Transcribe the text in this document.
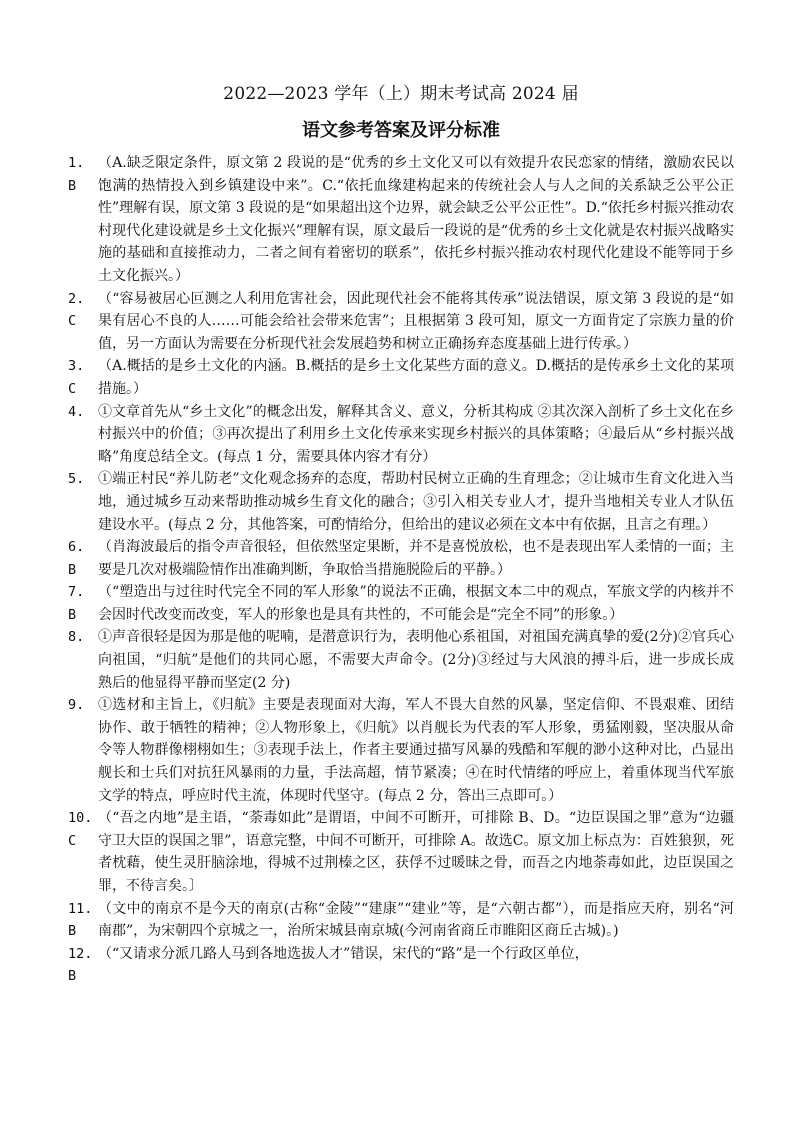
2022—2023 学年（上）期末考试高 2024 届
语文参考答案及评分标准
1. B
（A.缺乏限定条件，原文第 2 段说的是“优秀的乡土文化又可以有效提升农民恋家的情绪，激励农民以饱满的热情投入到乡镇建设中来”。C.“依托血缘建构起来的传统社会人与人之间的关系缺乏公平公正性”理解有误，原文第 3 段说的是“如果超出这个边界，就会缺乏公平公正性”。D.“依托乡村振兴推动农村现代化建设就是乡土文化振兴”理解有误，原文最后一段说的是“优秀的乡土文化就是农村振兴战略实施的基础和直接推动力，二者之间有着密切的联系”，依托乡村振兴推动农村现代化建设不能等同于乡土文化振兴。）
2. C
（“容易被居心叵测之人利用危害社会，因此现代社会不能将其传承”说法错误，原文第 3 段说的是“如果有居心不良的人……可能会给社会带来危害”；且根据第 3 段可知，原文一方面肯定了宗族力量的价值，另一方面认为需要在分析现代社会发展趋势和树立正确扬弃态度基础上进行传承。）
3. C
（A.概括的是乡土文化的内涵。B.概括的是乡土文化某些方面的意义。D.概括的是传承乡土文化的某项措施。）
4. ①文章首先从“乡土文化”的概念出发，解释其含义、意义，分析其构成 ②其次深入剖析了乡土文化在乡村振兴中的价值；③再次提出了利用乡土文化传承来实现乡村振兴的具体策略；④最后从“乡村振兴战略”角度总结全文。(每点 1 分，需要具体内容才有分）
5. ①端正村民“养儿防老”文化观念扬弃的态度，帮助村民树立正确的生育理念；②让城市生育文化进入当地，通过城乡互动来帮助推动城乡生育文化的融合；③引入相关专业人才，提升当地相关专业人才队伍建设水平。(每点 2 分，其他答案，可酌情给分，但给出的建议必须在文本中有依据，且言之有理。）
6. B
（肖海波最后的指令声音很轻，但依然坚定果断，并不是喜悦放松，也不是表现出军人柔情的一面；主要是几次对极端险情作出准确判断，争取恰当措施脱险后的平静。）
7. B
（“塑造出与过往时代完全不同的军人形象”的说法不正确，根据文本二中的观点，军旅文学的内核并不会因时代改变而改变，军人的形象也是具有共性的，不可能会是“完全不同”的形象。）
8. ①声音很轻是因为那是他的呢喃，是潜意识行为，表明他心系祖国，对祖国充满真挚的爱(2分)②官兵心向祖国，“归航”是他们的共同心愿，不需要大声命令。(2分)③经过与大风浪的搏斗后，进一步成长成熟后的他显得平静而坚定(2 分)
9. ①选材和主旨上，《归航》主要是表现面对大海，军人不畏大自然的风暴，坚定信仰、不畏艰难、团结协作、敢于牺牲的精神；②人物形象上，《归航》以肖舰长为代表的军人形象，勇猛刚毅，坚决服从命令等人物群像栩栩如生；③表现手法上，作者主要通过描写风暴的残酷和军舰的渺小这种对比，凸显出舰长和士兵们对抗狂风暴雨的力量，手法高超，情节紧凑；④在时代情绪的呼应上，着重体现当代军旅文学的特点，呼应时代主流，体现时代坚守。(每点 2 分，答出三点即可。）
10. C
（“吾之内地”是主语，“荼毒如此”是谓语，中间不可断开，可排除 B、D。“边臣误国之罪”意为“边疆守卫大臣的误国之罪”，语意完整，中间不可断开，可排除 A。故选C。原文加上标点为：百姓狼狈，死者枕藉，使生灵肝脑涂地，得城不过荆榛之区，获俘不过暖昧之骨，而吾之内地荼毒如此，边臣误国之罪，不待言矣。〕
11. B
（文中的南京不是今天的南京(古称“金陵”“建康”“建业”等，是“六朝古都”），而是指应天府，别名“河南郡”，为宋朝四个京城之一，治所宋城县南京城(今河南省商丘市睢阳区商丘古城)。)
12. B
（“又请求分派几路人马到各地选拔人才”错误，宋代的“路”是一个行政区单位，
